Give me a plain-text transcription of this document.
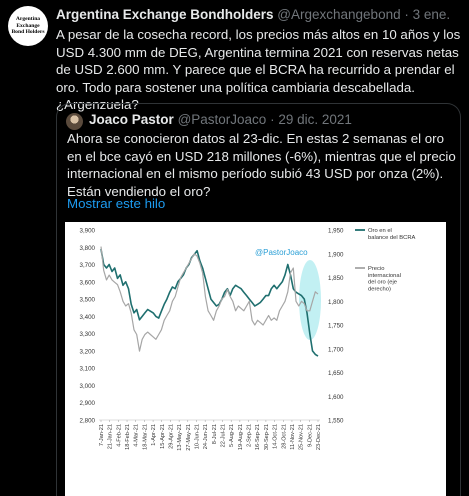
Argentina
Exchange
Bond Holders
Argentina Exchange Bondholders @Argexchangebond · 3 ene.
A pesar de la cosecha record, los precios más altos en 10 años y los USD 4.300 mm de DEG, Argentina termina 2021 con reservas netas de USD 2.600 mm. Y parece que el BCRA ha recurrido a prendar el oro. Todo para sostener una política cambiaria descabellada. ¿Argenzuela?
Joaco Pastor @PastorJoaco · 29 dic. 2021
Ahora se conocieron datos al 23-dic. En estas 2 semanas el oro en el bce cayó en USD 218 millones (-6%), mientras que el precio internacional en el mismo período subió 43 USD por onza (2%). Están vendiendo el oro?
Mostrar este hilo
3,900
3,800
3,700
3,600
3,500
3,400
3,300
3,200
3,100
3,000
2,900
2,800
1,950
1,900
1,850
1,800
1,750
1,700
1,650
1,600
1,550
7-Jan-21 21-Jan-21 4-Feb-21 18-Feb-21 4-Mar-21 18-Mar-21 1-Apr-21 15-Apr-21 29-Apr-21 13-May-21 27-May-21 10-Jun-21 24-Jun-21 8-Jul-21 22-Jul-21 5-Aug-21 19-Aug-21 2-Sep-21 16-Sep-21 30-Sep-21 14-Oct-21 28-Oct-21 11-Nov-21 25-Nov-21 9-Dec-21 23-Dec-21
@PastorJoaco
Oro en el balance del BCRA
Precio internacional del oro (eje derecho)
